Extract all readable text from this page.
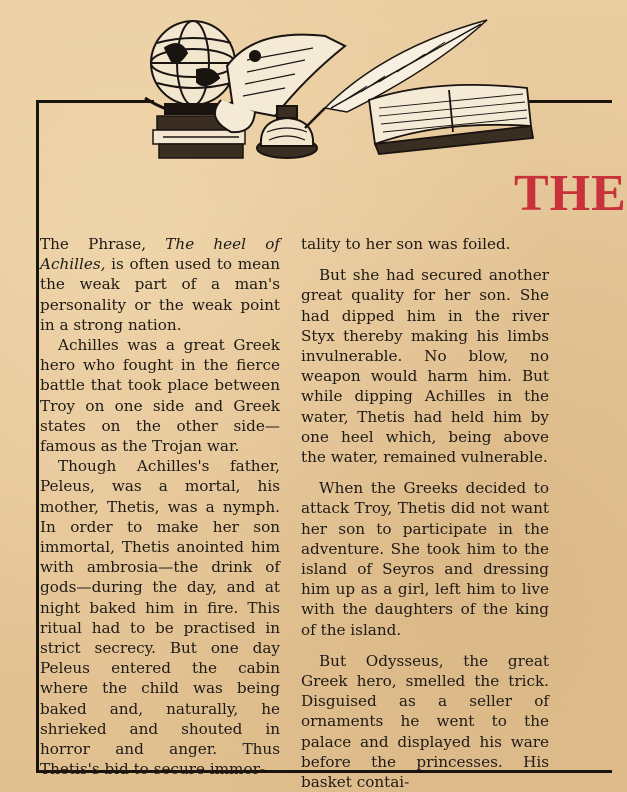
THE

The Phrase, The heel of Achilles, is often used to mean the weak part of a man's personality or the weak point in a strong nation.

Achilles was a great Greek hero who fought in the fierce battle that took place between Troy on one side and Greek states on the other side—famous as the Trojan war.

Though Achilles's father, Peleus, was a mortal, his mother, Thetis, was a nymph. In order to make her son immortal, Thetis anointed him with ambrosia—the drink of gods—during the day, and at night baked him in fire. This ritual had to be practised in strict secrecy. But one day Peleus entered the cabin where the child was being baked and, naturally, he shrieked and shouted in horror and anger. Thus Thetis's bid to secure immor-

tality to her son was foiled.

But she had secured another great quality for her son. She had dipped him in the river Styx thereby making his limbs invulnerable. No blow, no weapon would harm him. But while dipping Achilles in the water, Thetis had held him by one heel which, being above the water, remained vulnerable.

When the Greeks decided to attack Troy, Thetis did not want her son to participate in the adventure. She took him to the island of Seyros and dressing him up as a girl, left him to live with the daughters of the king of the island.

But Odysseus, the great Greek hero, smelled the trick. Disguised as a seller of ornaments he went to the palace and displayed his ware before the princesses. His basket contai-
